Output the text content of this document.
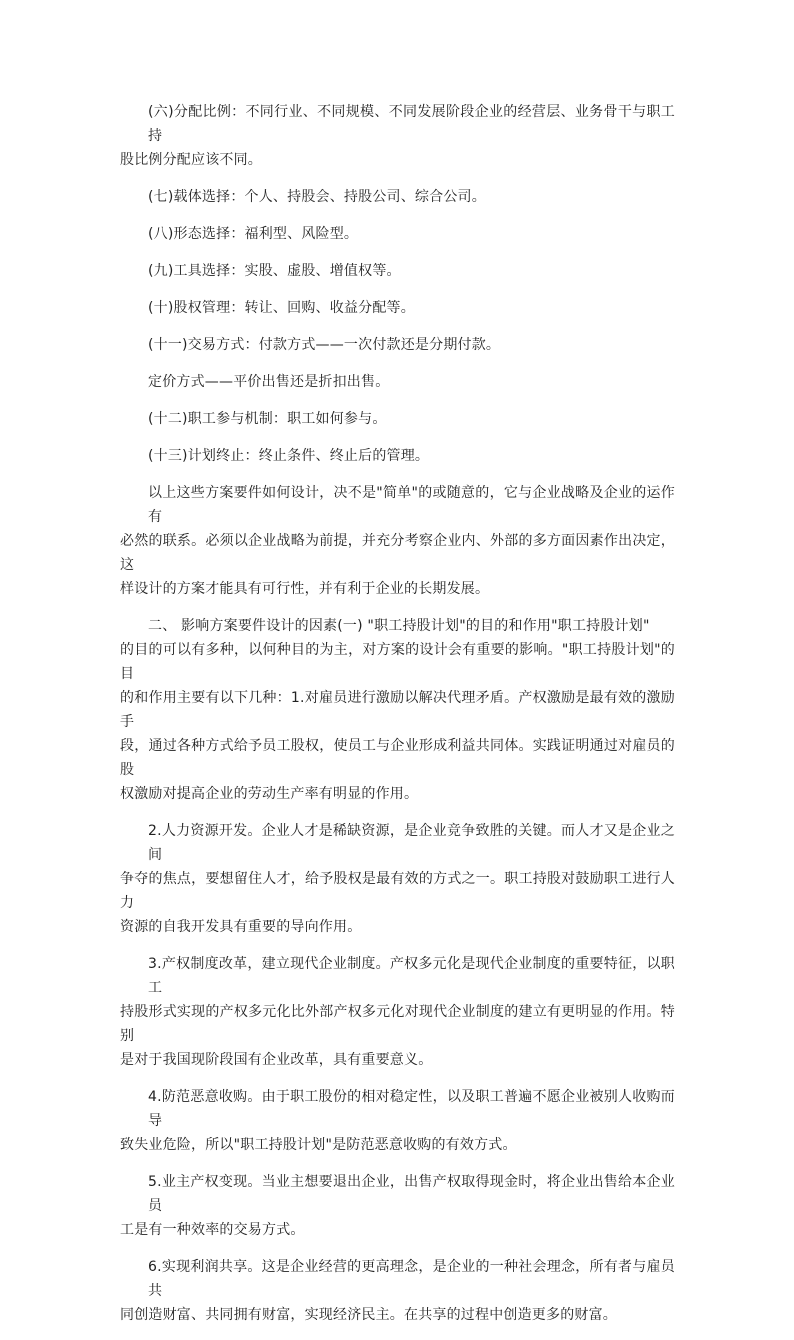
(六)分配比例：不同行业、不同规模、不同发展阶段企业的经营层、业务骨干与职工持
股比例分配应该不同。
(七)载体选择：个人、持股会、持股公司、综合公司。
(八)形态选择：福利型、风险型。
(九)工具选择：实股、虚股、增值权等。
(十)股权管理：转让、回购、收益分配等。
(十一)交易方式：付款方式——一次付款还是分期付款。
定价方式——平价出售还是折扣出售。
(十二)职工参与机制：职工如何参与。
(十三)计划终止：终止条件、终止后的管理。
以上这些方案要件如何设计，决不是"简单"的或随意的，它与企业战略及企业的运作有
必然的联系。必须以企业战略为前提，并充分考察企业内、外部的多方面因素作出决定，这
样设计的方案才能具有可行性，并有利于企业的长期发展。
二、 影响方案要件设计的因素(一) "职工持股计划"的目的和作用"职工持股计划"
的目的可以有多种，以何种目的为主，对方案的设计会有重要的影响。"职工持股计划"的目
的和作用主要有以下几种：1.对雇员进行激励以解决代理矛盾。产权激励是最有效的激励手
段，通过各种方式给予员工股权，使员工与企业形成利益共同体。实践证明通过对雇员的股
权激励对提高企业的劳动生产率有明显的作用。
2.人力资源开发。企业人才是稀缺资源，是企业竞争致胜的关键。而人才又是企业之间
争夺的焦点，要想留住人才，给予股权是最有效的方式之一。职工持股对鼓励职工进行人力
资源的自我开发具有重要的导向作用。
3.产权制度改革，建立现代企业制度。产权多元化是现代企业制度的重要特征，以职工
持股形式实现的产权多元化比外部产权多元化对现代企业制度的建立有更明显的作用。特别
是对于我国现阶段国有企业改革，具有重要意义。
4.防范恶意收购。由于职工股份的相对稳定性，以及职工普遍不愿企业被别人收购而导
致失业危险，所以"职工持股计划"是防范恶意收购的有效方式。
5.业主产权变现。当业主想要退出企业，出售产权取得现金时，将企业出售给本企业员
工是有一种效率的交易方式。
6.实现利润共享。这是企业经营的更高理念，是企业的一种社会理念，所有者与雇员共
同创造财富、共同拥有财富，实现经济民主。在共享的过程中创造更多的财富。
